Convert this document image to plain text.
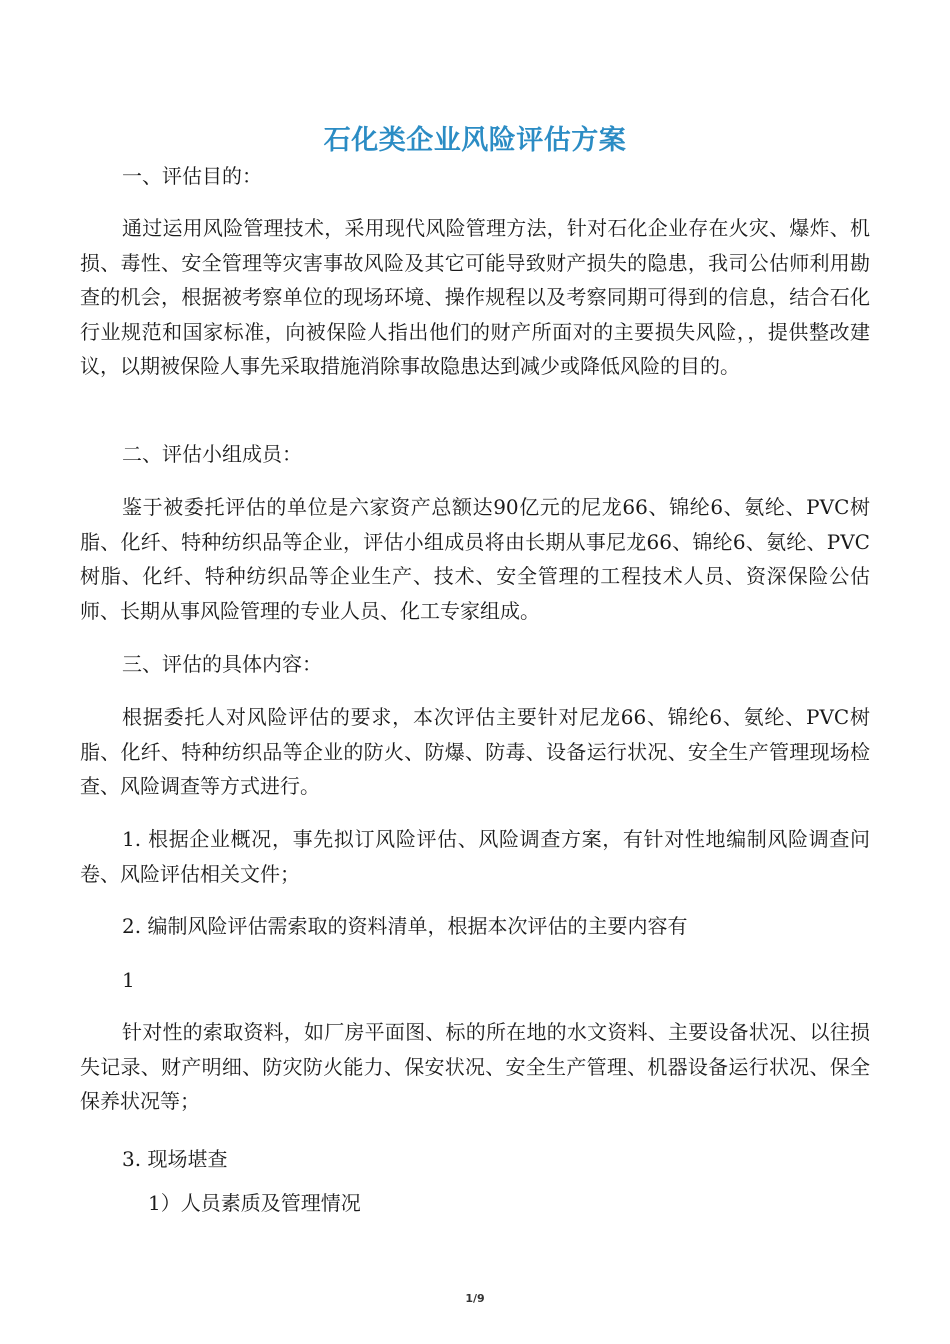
石化类企业风险评估方案

一、评估目的：

通过运用风险管理技术，采用现代风险管理方法，针对石化企业存在火灾、爆炸、机损、毒性、安全管理等灾害事故风险及其它可能导致财产损失的隐患，我司公估师利用勘查的机会，根据被考察单位的现场环境、操作规程以及考察同期可得到的信息，结合石化行业规范和国家标准，向被保险人指出他们的财产所面对的主要损失风险，，提供整改建议，以期被保险人事先采取措施消除事故隐患达到减少或降低风险的目的。

二、评估小组成员：

鉴于被委托评估的单位是六家资产总额达90亿元的尼龙66、锦纶6、氨纶、PVC树脂、化纤、特种纺织品等企业，评估小组成员将由长期从事尼龙66、锦纶6、氨纶、PVC树脂、化纤、特种纺织品等企业生产、技术、安全管理的工程技术人员、资深保险公估师、长期从事风险管理的专业人员、化工专家组成。

三、评估的具体内容：

根据委托人对风险评估的要求，本次评估主要针对尼龙66、锦纶6、氨纶、PVC树脂、化纤、特种纺织品等企业的防火、防爆、防毒、设备运行状况、安全生产管理现场检查、风险调查等方式进行。

1. 根据企业概况，事先拟订风险评估、风险调查方案，有针对性地编制风险调查问卷、风险评估相关文件；

2. 编制风险评估需索取的资料清单，根据本次评估的主要内容有

1

针对性的索取资料，如厂房平面图、标的所在地的水文资料、主要设备状况、以往损失记录、财产明细、防灾防火能力、保安状况、安全生产管理、机器设备运行状况、保全保养状况等；

3. 现场堪查

1）人员素质及管理情况

1/9
